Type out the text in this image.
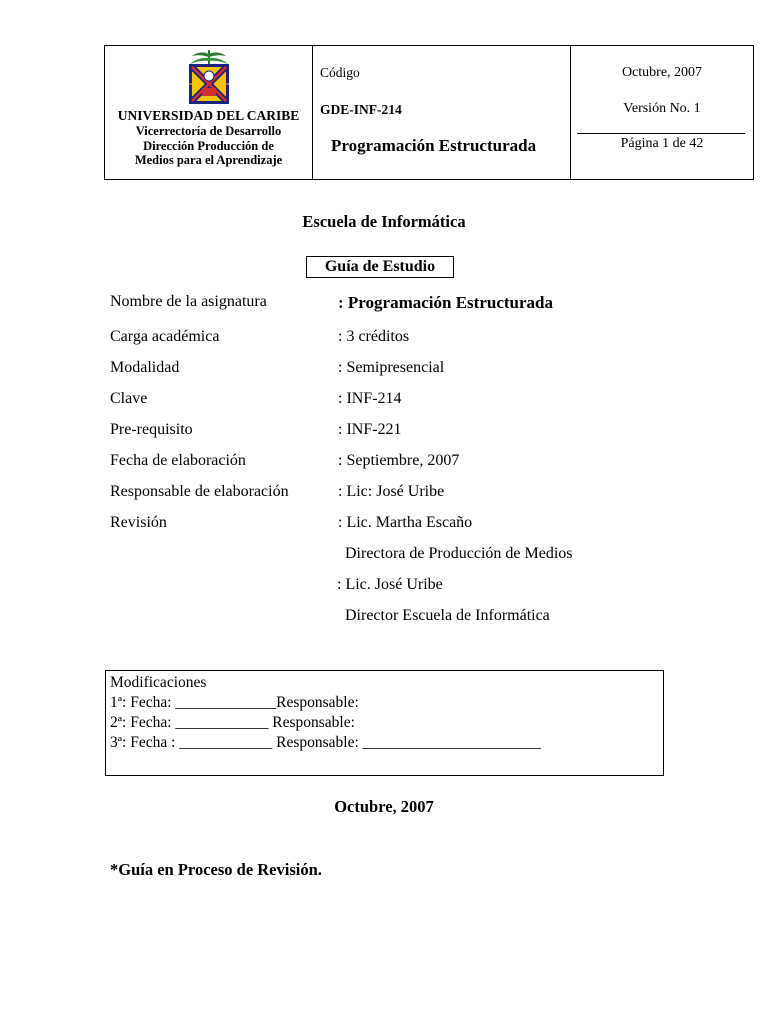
UNIVERSIDAD DEL CARIBE
Vicerrectoría de Desarrollo
Dirección Producción de
Medios para el Aprendizaje
Código
GDE-INF-214
Programación Estructurada
Octubre, 2007
Versión No. 1
Página 1 de 42
Escuela de Informática
Guía de Estudio
Nombre de la asignatura	: Programación Estructurada
Carga académica	: 3 créditos
Modalidad	: Semipresencial
Clave	: INF-214
Pre-requisito	: INF-221
Fecha de elaboración	: Septiembre, 2007
Responsable de elaboración	: Lic: José Uribe
Revisión	: Lic. Martha Escaño
Directora de Producción de Medios
: Lic. José Uribe
Director Escuela de Informática
Modificaciones
1ª: Fecha: _____________Responsable:
2ª: Fecha: ____________ Responsable:
3ª: Fecha : ____________ Responsable: _______________________
Octubre, 2007
*Guía en Proceso de Revisión.
